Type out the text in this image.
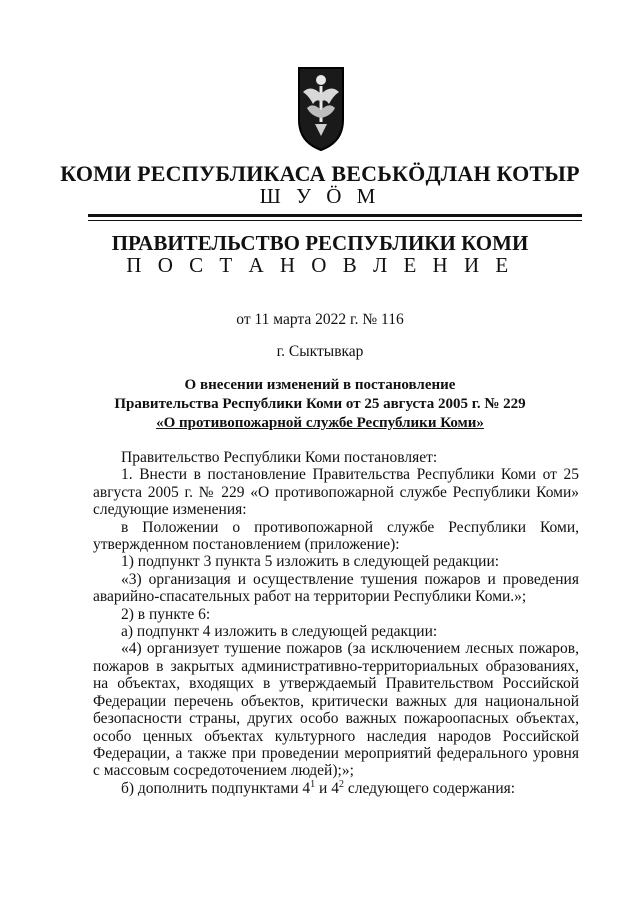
КОМИ РЕСПУБЛИКАСА ВЕСЬКӦДЛАН КОТЫР
Ш У Ö М
ПРАВИТЕЛЬСТВО РЕСПУБЛИКИ КОМИ
П О С Т А Н О В Л Е Н И Е
от 11 марта 2022 г. № 116
г. Сыктывкар
О внесении изменений в постановление
Правительства Республики Коми от 25 августа 2005 г. № 229
«О противопожарной службе Республики Коми»

Правительство Республики Коми постановляет:

1. Внести в постановление Правительства Республики Коми от 25 августа 2005 г. № 229 «О противопожарной службе Республики Коми» следующие изменения:

в Положении о противопожарной службе Республики Коми, утвержденном постановлением (приложение):

1) подпункт 3 пункта 5 изложить в следующей редакции:

«3) организация и осуществление тушения пожаров и проведения аварийно-спасательных работ на территории Республики Коми.»;

2) в пункте 6:

а) подпункт 4 изложить в следующей редакции:

«4) организует тушение пожаров (за исключением лесных пожаров, пожаров в закрытых административно-территориальных образованиях, на объектах, входящих в утверждаемый Правительством Российской Федерации перечень объектов, критически важных для национальной безопасности страны, других особо важных пожароопасных объектах, особо ценных объектах культурного наследия народов Российской Федерации, а также при проведении мероприятий федерального уровня с массовым сосредоточением людей);»;

б) дополнить подпунктами $4^1$ и $4^2$ следующего содержания:
